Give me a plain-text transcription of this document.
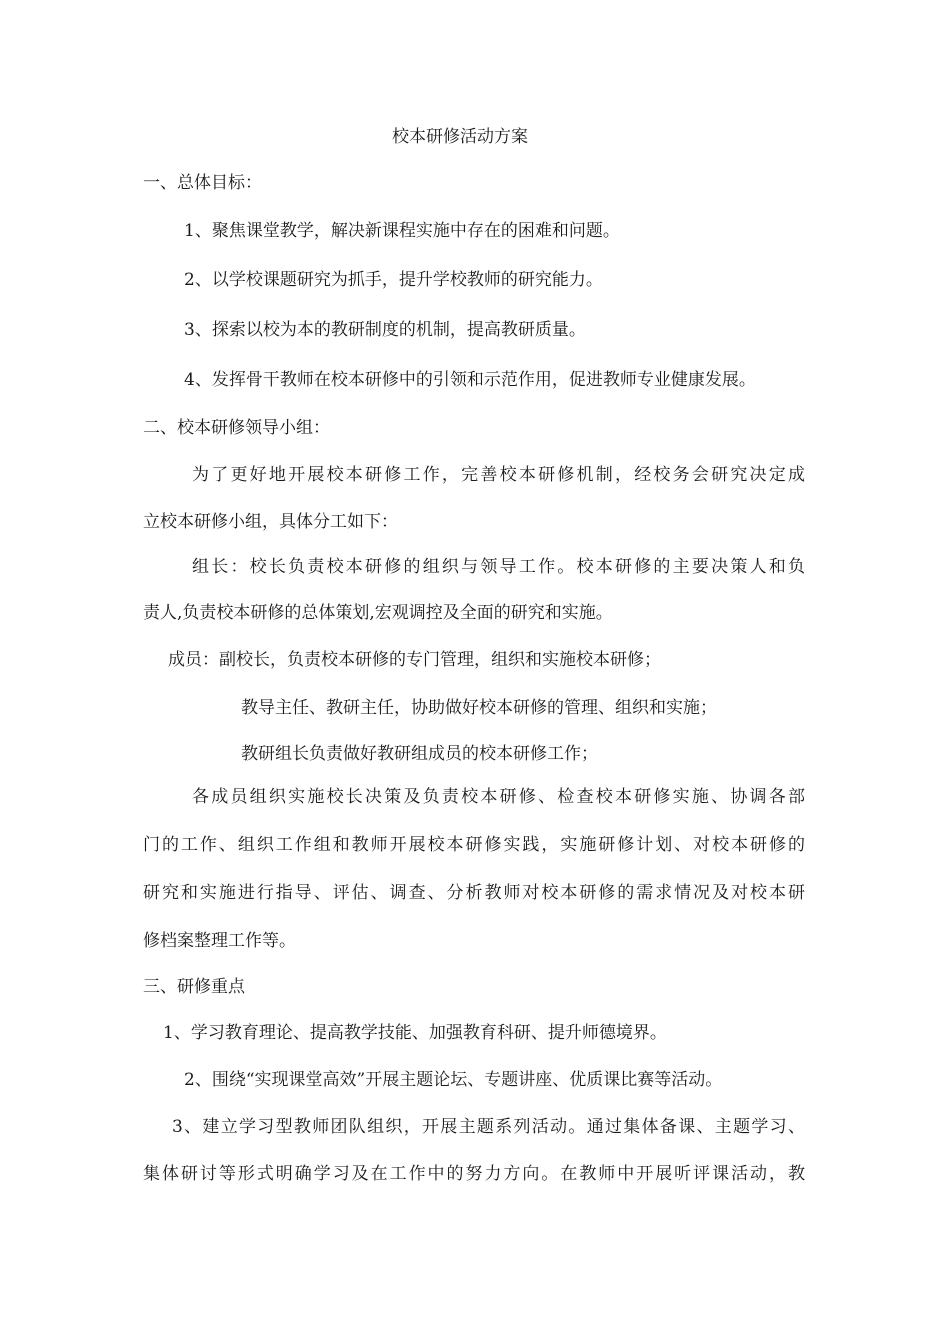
校本研修活动方案
一、总体目标：
1、聚焦课堂教学，解决新课程实施中存在的困难和问题。
2、以学校课题研究为抓手，提升学校教师的研究能力。
3、探索以校为本的教研制度的机制，提高教研质量。
4、发挥骨干教师在校本研修中的引领和示范作用，促进教师专业健康发展。
二、校本研修领导小组：
为了更好地开展校本研修工作，完善校本研修机制，经校务会研究决定成
立校本研修小组，具体分工如下：
组长：校长负责校本研修的组织与领导工作。校本研修的主要决策人和负
责人,负责校本研修的总体策划,宏观调控及全面的研究和实施。
成员：副校长，负责校本研修的专门管理，组织和实施校本研修；
教导主任、教研主任，协助做好校本研修的管理、组织和实施；
教研组长负责做好教研组成员的校本研修工作；
各成员组织实施校长决策及负责校本研修、检查校本研修实施、协调各部
门的工作、组织工作组和教师开展校本研修实践，实施研修计划、对校本研修的
研究和实施进行指导、评估、调查、分析教师对校本研修的需求情况及对校本研
修档案整理工作等。
三、研修重点
1、学习教育理论、提高教学技能、加强教育科研、提升师德境界。
2、围绕“实现课堂高效”开展主题论坛、专题讲座、优质课比赛等活动。
3、建立学习型教师团队组织，开展主题系列活动。通过集体备课、主题学习、
集体研讨等形式明确学习及在工作中的努力方向。在教师中开展听评课活动，教
